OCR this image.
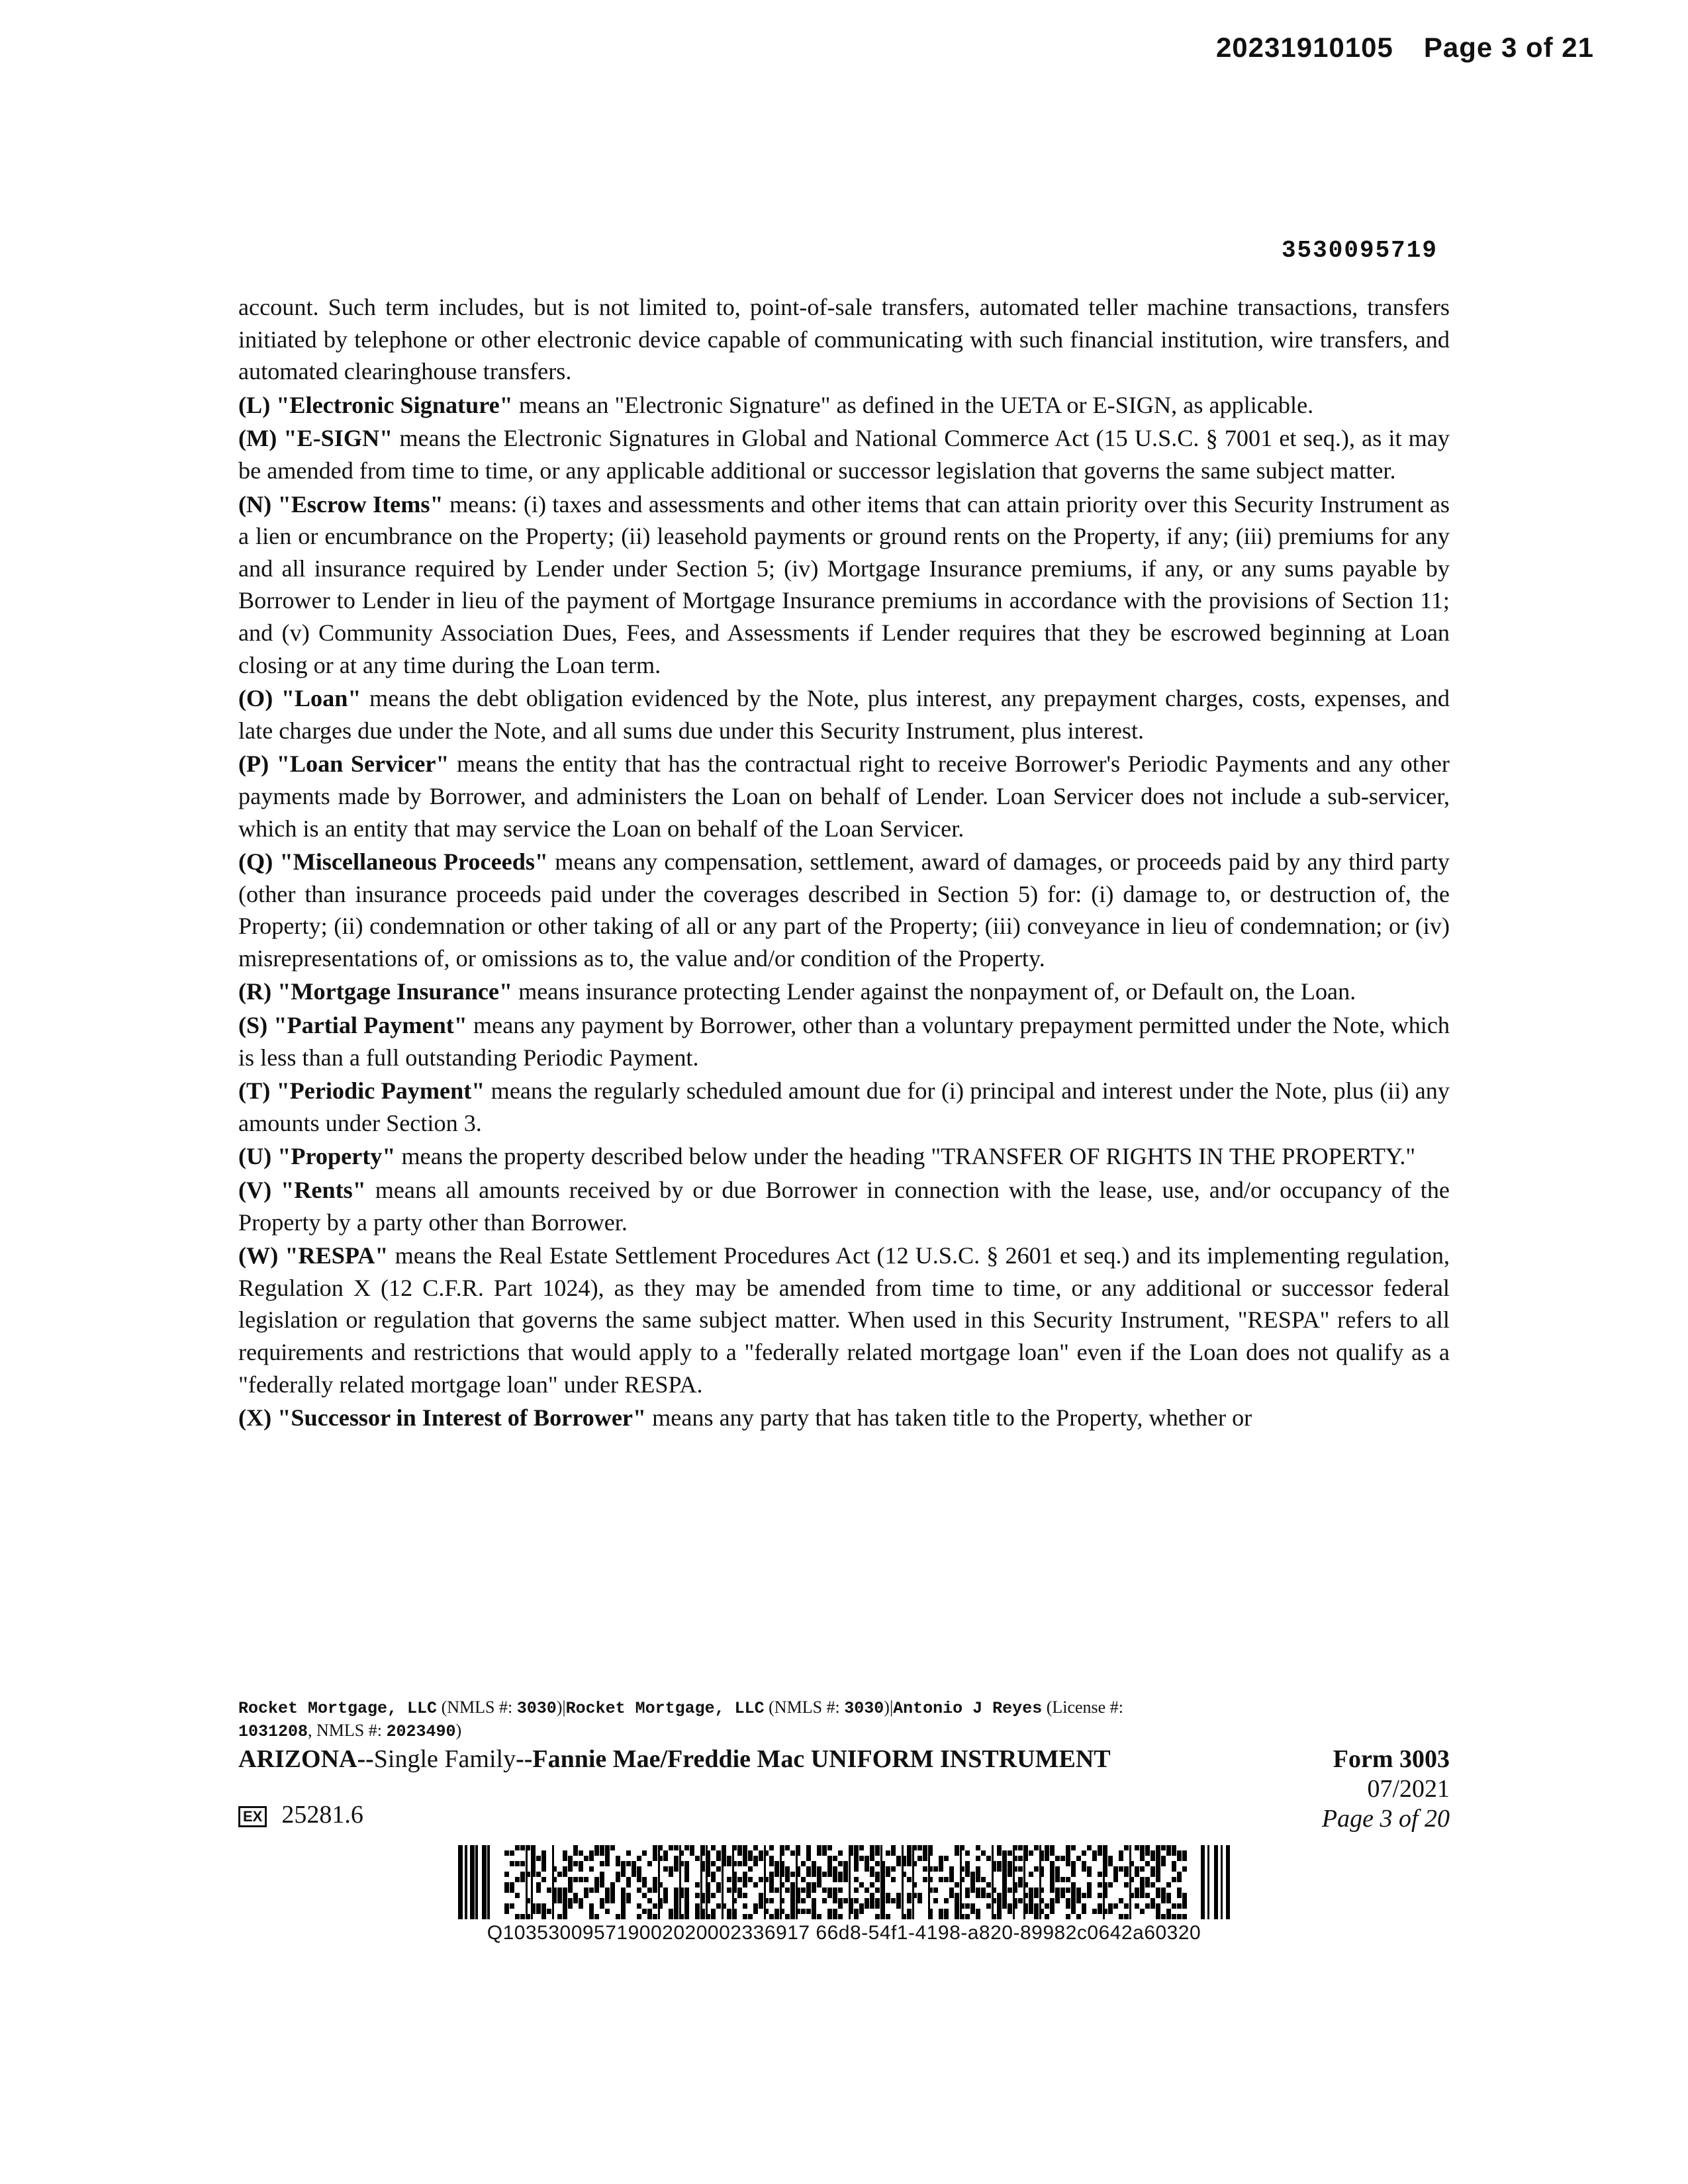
20231910105 Page 3 of 21
3530095719

account. Such term includes, but is not limited to, point-of-sale transfers, automated teller machine transactions, transfers initiated by telephone or other electronic device capable of communicating with such financial institution, wire transfers, and automated clearinghouse transfers.

(L) "Electronic Signature" means an "Electronic Signature" as defined in the UETA or E-SIGN, as applicable.

(M) "E-SIGN" means the Electronic Signatures in Global and National Commerce Act (15 U.S.C. § 7001 et seq.), as it may be amended from time to time, or any applicable additional or successor legislation that governs the same subject matter.

(N) "Escrow Items" means: (i) taxes and assessments and other items that can attain priority over this Security Instrument as a lien or encumbrance on the Property; (ii) leasehold payments or ground rents on the Property, if any; (iii) premiums for any and all insurance required by Lender under Section 5; (iv) Mortgage Insurance premiums, if any, or any sums payable by Borrower to Lender in lieu of the payment of Mortgage Insurance premiums in accordance with the provisions of Section 11; and (v) Community Association Dues, Fees, and Assessments if Lender requires that they be escrowed beginning at Loan closing or at any time during the Loan term.

(O) "Loan" means the debt obligation evidenced by the Note, plus interest, any prepayment charges, costs, expenses, and late charges due under the Note, and all sums due under this Security Instrument, plus interest.

(P) "Loan Servicer" means the entity that has the contractual right to receive Borrower's Periodic Payments and any other payments made by Borrower, and administers the Loan on behalf of Lender. Loan Servicer does not include a sub-servicer, which is an entity that may service the Loan on behalf of the Loan Servicer.

(Q) "Miscellaneous Proceeds" means any compensation, settlement, award of damages, or proceeds paid by any third party (other than insurance proceeds paid under the coverages described in Section 5) for: (i) damage to, or destruction of, the Property; (ii) condemnation or other taking of all or any part of the Property; (iii) conveyance in lieu of condemnation; or (iv) misrepresentations of, or omissions as to, the value and/or condition of the Property.

(R) "Mortgage Insurance" means insurance protecting Lender against the nonpayment of, or Default on, the Loan.

(S) "Partial Payment" means any payment by Borrower, other than a voluntary prepayment permitted under the Note, which is less than a full outstanding Periodic Payment.

(T) "Periodic Payment" means the regularly scheduled amount due for (i) principal and interest under the Note, plus (ii) any amounts under Section 3.

(U) "Property" means the property described below under the heading "TRANSFER OF RIGHTS IN THE PROPERTY."

(V) "Rents" means all amounts received by or due Borrower in connection with the lease, use, and/or occupancy of the Property by a party other than Borrower.

(W) "RESPA" means the Real Estate Settlement Procedures Act (12 U.S.C. § 2601 et seq.) and its implementing regulation, Regulation X (12 C.F.R. Part 1024), as they may be amended from time to time, or any additional or successor federal legislation or regulation that governs the same subject matter. When used in this Security Instrument, "RESPA" refers to all requirements and restrictions that would apply to a "federally related mortgage loan" even if the Loan does not qualify as a "federally related mortgage loan" under RESPA.

(X) "Successor in Interest of Borrower" means any party that has taken title to the Property, whether or

Rocket Mortgage, LLC (NMLS #: 3030)|Rocket Mortgage, LLC (NMLS #: 3030)|Antonio J Reyes (License #:
1031208, NMLS #: 2023490)
ARIZONA--Single Family--Fannie Mae/Freddie Mac UNIFORM INSTRUMENT	Form 3003
07/2021
Page 3 of 20
EX 25281.6
Q103530095719002020002336917 66d8-54f1-4198-a820-89982c0642a60320
